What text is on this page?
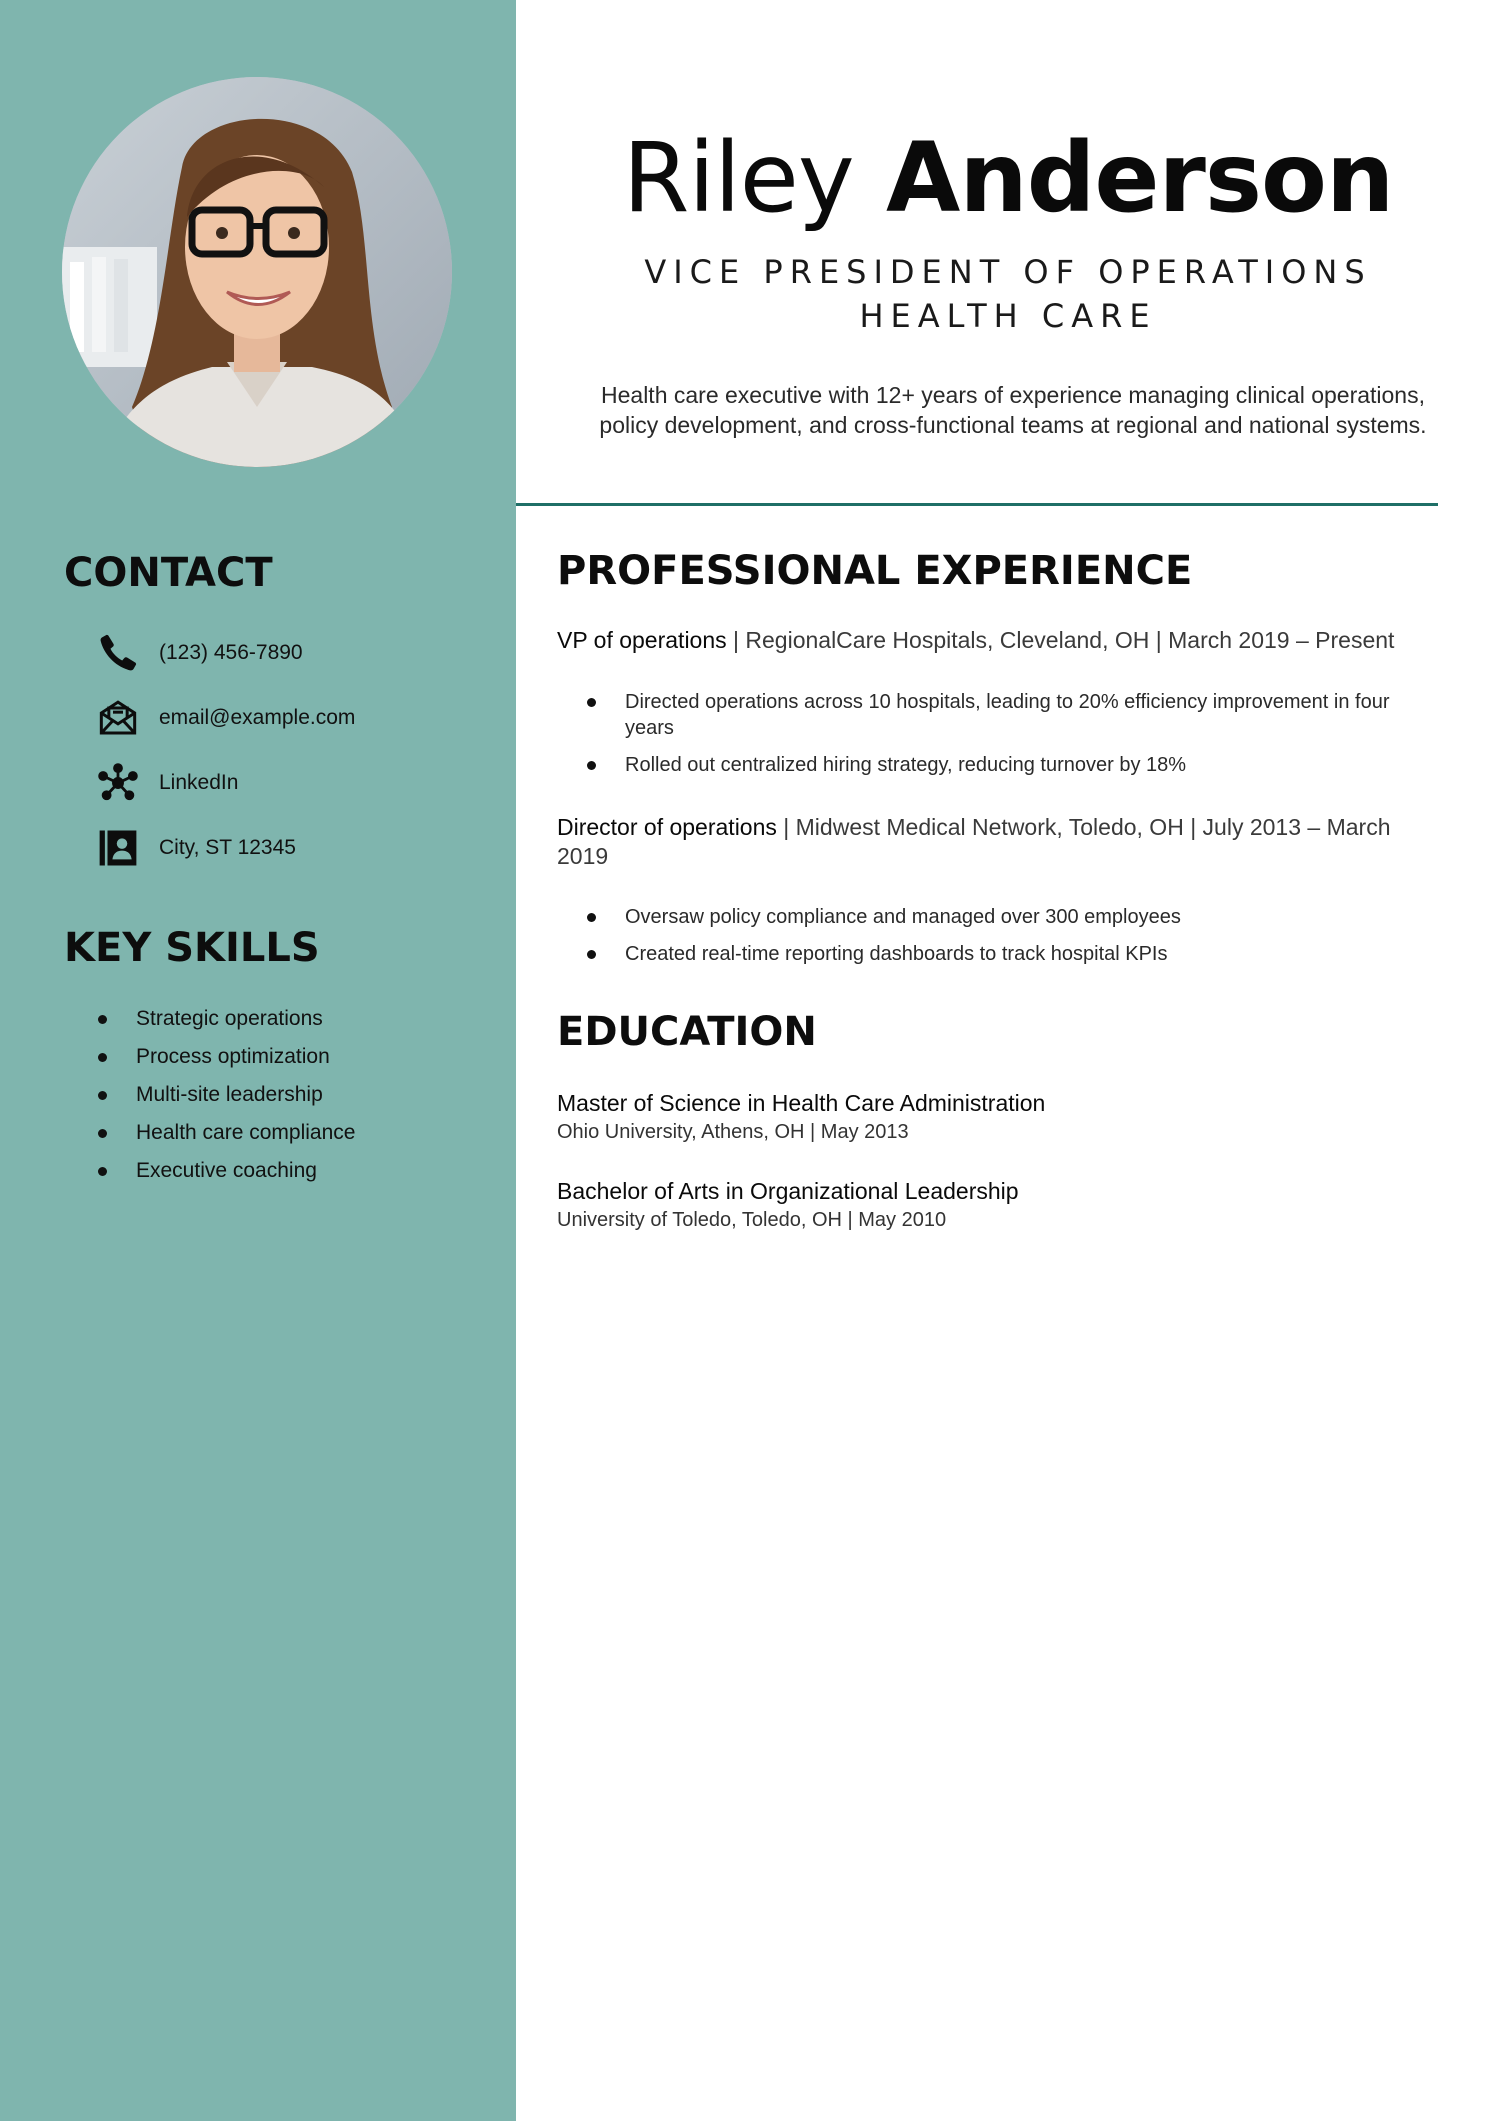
CONTACT
(123) 456-7890
email@example.com
LinkedIn
City, ST 12345
KEY SKILLS
Strategic operations
Process optimization
Multi-site leadership
Health care compliance
Executive coaching
Riley Anderson
VICE PRESIDENT OF OPERATIONS
HEALTH CARE

Health care executive with 12+ years of experience managing clinical operations, policy development, and cross-functional teams at regional and national systems.

PROFESSIONAL EXPERIENCE

VP of operations | RegionalCare Hospitals, Cleveland, OH | March 2019 – Present

Directed operations across 10 hospitals, leading to 20% efficiency improvement in four years
Rolled out centralized hiring strategy, reducing turnover by 18%

Director of operations | Midwest Medical Network, Toledo, OH | July 2013 – March 2019

Oversaw policy compliance and managed over 300 employees
Created real-time reporting dashboards to track hospital KPIs
EDUCATION

Master of Science in Health Care Administration

Ohio University, Athens, OH | May 2013

Bachelor of Arts in Organizational Leadership

University of Toledo, Toledo, OH | May 2010
